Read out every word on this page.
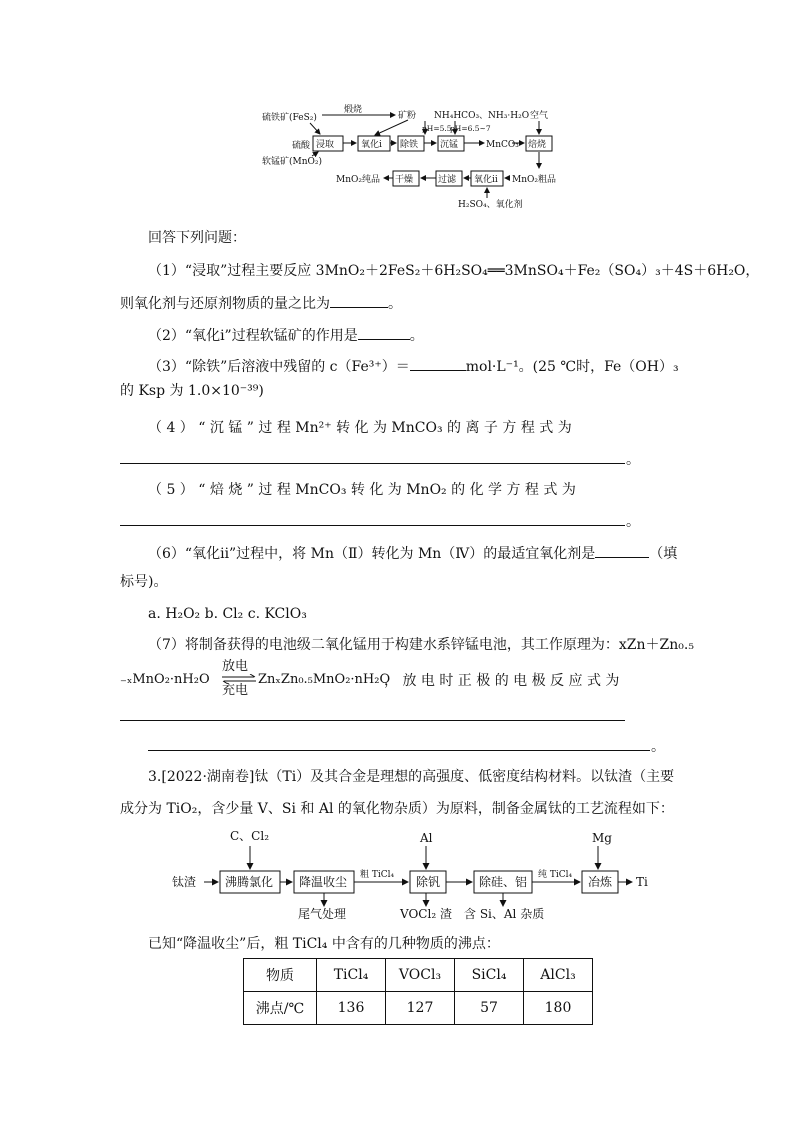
硫铁矿(FeS₂)
硫酸
软锰矿(MnO₂)
煅烧
矿粉 NH₄HCO₃、NH₃·H₂O 空气
pH=5.5
pH=6.5~7
浸取	氧化ⅰ 除铁 沉锰	MnCO₃ 焙烧
MnO₂纯品 干燥	过滤 氧化ⅱ MnO₂粗品
H₂SO₄、氧化剂
回答下列问题：
（1）“浸取”过程主要反应 3MnO₂＋2FeS₂＋6H₂SO₄══3MnSO₄＋Fe₂（SO₄）₃＋4S＋6H₂O，
则氧化剂与还原剂物质的量之比为	。
（2）“氧化ⅰ”过程软锰矿的作用是	。
（3）“除铁”后溶液中残留的 c（Fe³⁺）＝	mol·L⁻¹。(25 ℃时，Fe（OH）₃
的 Ksp 为 1.0×10⁻³⁹)
（ 4 ） “ 沉 锰 ” 过 程 Mn²⁺ 转 化 为 MnCO₃ 的 离 子 方 程 式 为
。
（ 5 ） “ 焙 烧 ” 过 程 MnCO₃ 转 化 为 MnO₂ 的 化 学 方 程 式 为
。
（6）“氧化ⅱ”过程中，将 Mn（Ⅱ）转化为 Mn（Ⅳ）的最适宜氧化剂是	（填
标号)。
a. H₂O₂ b. Cl₂ c. KClO₃
（7）将制备获得的电池级二氧化锰用于构建水系锌锰电池，其工作原理为：xZn＋Zn₀.₅
₋ₓMnO₂·nH₂O
放电
充电
⇌ ZnₓZn₀.₅MnO₂·nH₂O
， 放 电 时 正 极 的 电 极 反 应 式 为
。
3.[2022·湖南卷]钛（Ti）及其合金是理想的高强度、低密度结构材料。以钛渣（主要
成分为 TiO₂，含少量 V、Si 和 Al 的氧化物杂质）为原料，制备金属钛的工艺流程如下：
C、Cl₂	Al	Mg
钛渣 沸腾氯化 降温收尘 粗 TiCl₄ 除钒	除硅、铝 纯 TiCl₄ 冶炼 Ti
尾气处理	VOCl₂ 渣 含 Si、Al 杂质
已知“降温收尘”后，粗 TiCl₄ 中含有的几种物质的沸点：
物质	TiCl₄	VOCl₃	SiCl₄	AlCl₃
沸点/℃	136	127	57	180
